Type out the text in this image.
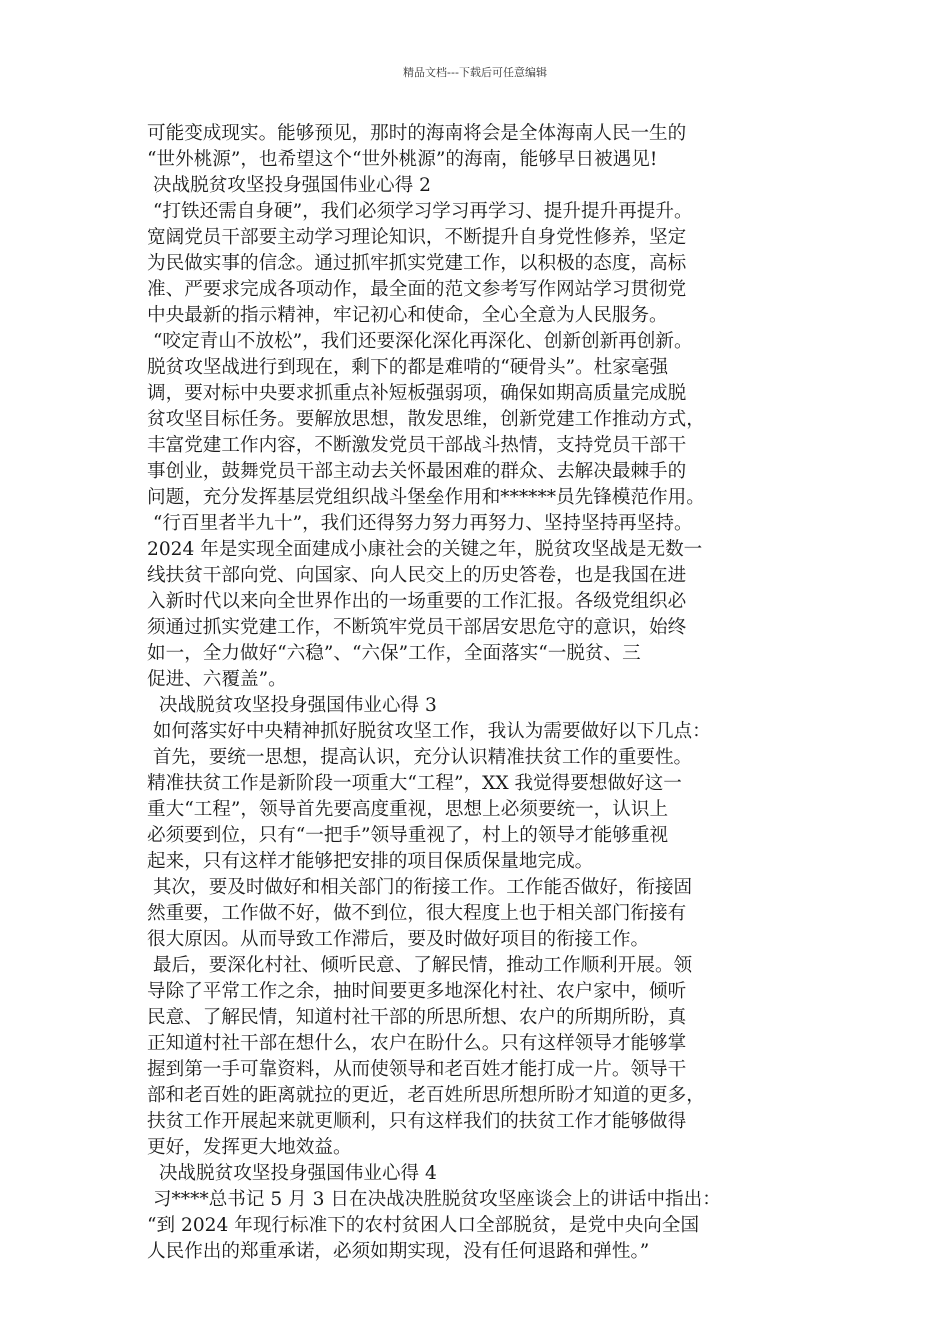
精品文档---下载后可任意编辑
可能变成现实。能够预见，那时的海南将会是全体海南人民一生的
“世外桃源”，也希望这个“世外桃源”的海南，能够早日被遇见!
决战脱贫攻坚投身强国伟业心得 2
“打铁还需自身硬”，我们必须学习学习再学习、提升提升再提升。
宽阔党员干部要主动学习理论知识，不断提升自身党性修养，坚定
为民做实事的信念。通过抓牢抓实党建工作，以积极的态度，高标
准、严要求完成各项动作，最全面的范文参考写作网站学习贯彻党
中央最新的指示精神，牢记初心和使命，全心全意为人民服务。
“咬定青山不放松”，我们还要深化深化再深化、创新创新再创新。
脱贫攻坚战进行到现在，剩下的都是难啃的“硬骨头”。杜家毫强
调，要对标中央要求抓重点补短板强弱项，确保如期高质量完成脱
贫攻坚目标任务。要解放思想，散发思维，创新党建工作推动方式，
丰富党建工作内容，不断激发党员干部战斗热情，支持党员干部干
事创业，鼓舞党员干部主动去关怀最困难的群众、去解决最棘手的
问题，充分发挥基层党组织战斗堡垒作用和******员先锋模范作用。
“行百里者半九十”，我们还得努力努力再努力、坚持坚持再坚持。
2024 年是实现全面建成小康社会的关键之年，脱贫攻坚战是无数一
线扶贫干部向党、向国家、向人民交上的历史答卷，也是我国在进
入新时代以来向全世界作出的一场重要的工作汇报。各级党组织必
须通过抓实党建工作，不断筑牢党员干部居安思危守的意识，始终
如一，全力做好“六稳”、“六保”工作，全面落实“一脱贫、三
促进、六覆盖”。
决战脱贫攻坚投身强国伟业心得 3
如何落实好中央精神抓好脱贫攻坚工作，我认为需要做好以下几点：
首先，要统一思想，提高认识，充分认识精准扶贫工作的重要性。
精准扶贫工作是新阶段一项重大“工程”，XX 我觉得要想做好这一
重大“工程”，领导首先要高度重视，思想上必须要统一，认识上
必须要到位，只有“一把手”领导重视了，村上的领导才能够重视
起来，只有这样才能够把安排的项目保质保量地完成。
其次，要及时做好和相关部门的衔接工作。工作能否做好，衔接固
然重要，工作做不好，做不到位，很大程度上也于相关部门衔接有
很大原因。从而导致工作滞后，要及时做好项目的衔接工作。
最后，要深化村社、倾听民意、了解民情，推动工作顺利开展。领
导除了平常工作之余，抽时间要更多地深化村社、农户家中，倾听
民意、了解民情，知道村社干部的所思所想、农户的所期所盼，真
正知道村社干部在想什么，农户在盼什么。只有这样领导才能够掌
握到第一手可靠资料，从而使领导和老百姓才能打成一片。领导干
部和老百姓的距离就拉的更近，老百姓所思所想所盼才知道的更多，
扶贫工作开展起来就更顺利，只有这样我们的扶贫工作才能够做得
更好，发挥更大地效益。
决战脱贫攻坚投身强国伟业心得 4
习****总书记 5 月 3 日在决战决胜脱贫攻坚座谈会上的讲话中指出：
“到 2024 年现行标准下的农村贫困人口全部脱贫，是党中央向全国
人民作出的郑重承诺，必须如期实现，没有任何退路和弹性。”
